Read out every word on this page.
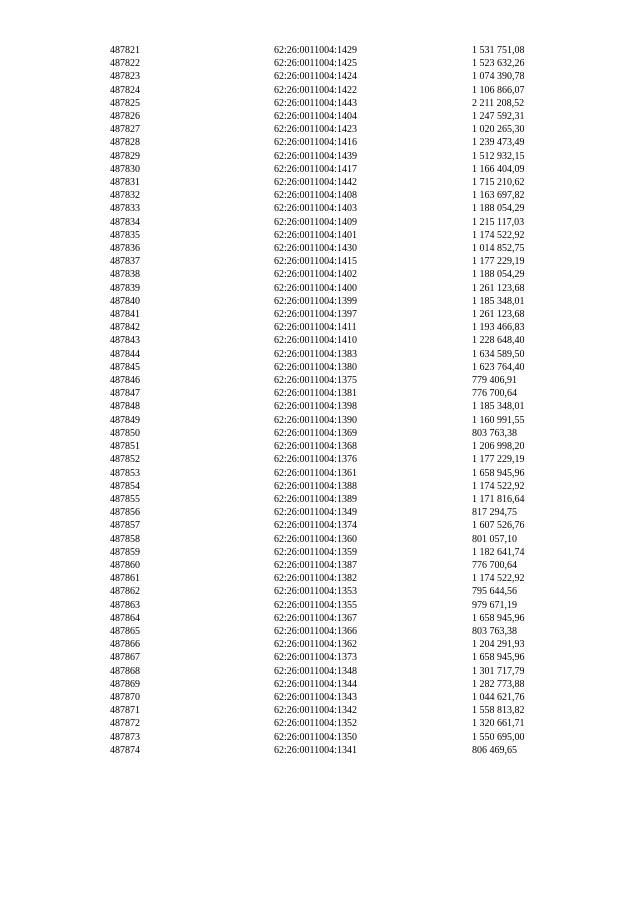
487821	62:26:0011004:1429	1 531 751,08
487822	62:26:0011004:1425	1 523 632,26
487823	62:26:0011004:1424	1 074 390,78
487824	62:26:0011004:1422	1 106 866,07
487825	62:26:0011004:1443	2 211 208,52
487826	62:26:0011004:1404	1 247 592,31
487827	62:26:0011004:1423	1 020 265,30
487828	62:26:0011004:1416	1 239 473,49
487829	62:26:0011004:1439	1 512 932,15
487830	62:26:0011004:1417	1 166 404,09
487831	62:26:0011004:1442	1 715 210,62
487832	62:26:0011004:1408	1 163 697,82
487833	62:26:0011004:1403	1 188 054,29
487834	62:26:0011004:1409	1 215 117,03
487835	62:26:0011004:1401	1 174 522,92
487836	62:26:0011004:1430	1 014 852,75
487837	62:26:0011004:1415	1 177 229,19
487838	62:26:0011004:1402	1 188 054,29
487839	62:26:0011004:1400	1 261 123,68
487840	62:26:0011004:1399	1 185 348,01
487841	62:26:0011004:1397	1 261 123,68
487842	62:26:0011004:1411	1 193 466,83
487843	62:26:0011004:1410	1 228 648,40
487844	62:26:0011004:1383	1 634 589,50
487845	62:26:0011004:1380	1 623 764,40
487846	62:26:0011004:1375	779 406,91
487847	62:26:0011004:1381	776 700,64
487848	62:26:0011004:1398	1 185 348,01
487849	62:26:0011004:1390	1 160 991,55
487850	62:26:0011004:1369	803 763,38
487851	62:26:0011004:1368	1 206 998,20
487852	62:26:0011004:1376	1 177 229,19
487853	62:26:0011004:1361	1 658 945,96
487854	62:26:0011004:1388	1 174 522,92
487855	62:26:0011004:1389	1 171 816,64
487856	62:26:0011004:1349	817 294,75
487857	62:26:0011004:1374	1 607 526,76
487858	62:26:0011004:1360	801 057,10
487859	62:26:0011004:1359	1 182 641,74
487860	62:26:0011004:1387	776 700,64
487861	62:26:0011004:1382	1 174 522,92
487862	62:26:0011004:1353	795 644,56
487863	62:26:0011004:1355	979 671,19
487864	62:26:0011004:1367	1 658 945,96
487865	62:26:0011004:1366	803 763,38
487866	62:26:0011004:1362	1 204 291,93
487867	62:26:0011004:1373	1 658 945,96
487868	62:26:0011004:1348	1 301 717,79
487869	62:26:0011004:1344	1 282 773,88
487870	62:26:0011004:1343	1 044 621,76
487871	62:26:0011004:1342	1 558 813,82
487872	62:26:0011004:1352	1 320 661,71
487873	62:26:0011004:1350	1 550 695,00
487874	62:26:0011004:1341	806 469,65
